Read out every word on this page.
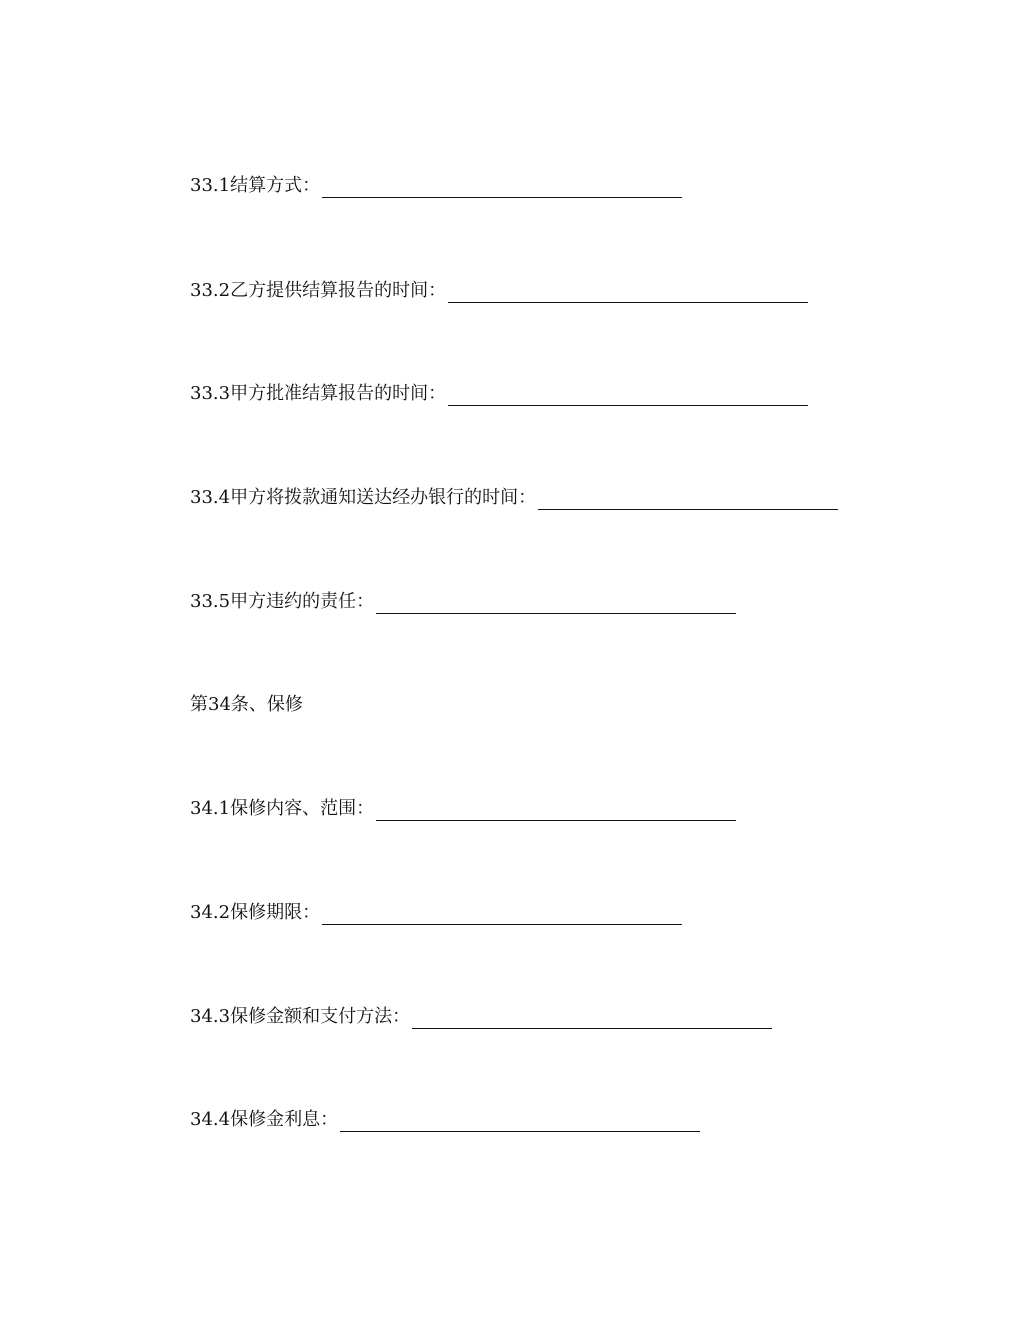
33.1结算方式：
33.2乙方提供结算报告的时间：
33.3甲方批准结算报告的时间：
33.4甲方将拨款通知送达经办银行的时间：
33.5甲方违约的责任：
第34条、保修
34.1保修内容、范围：
34.2保修期限：
34.3保修金额和支付方法：
34.4保修金利息：
